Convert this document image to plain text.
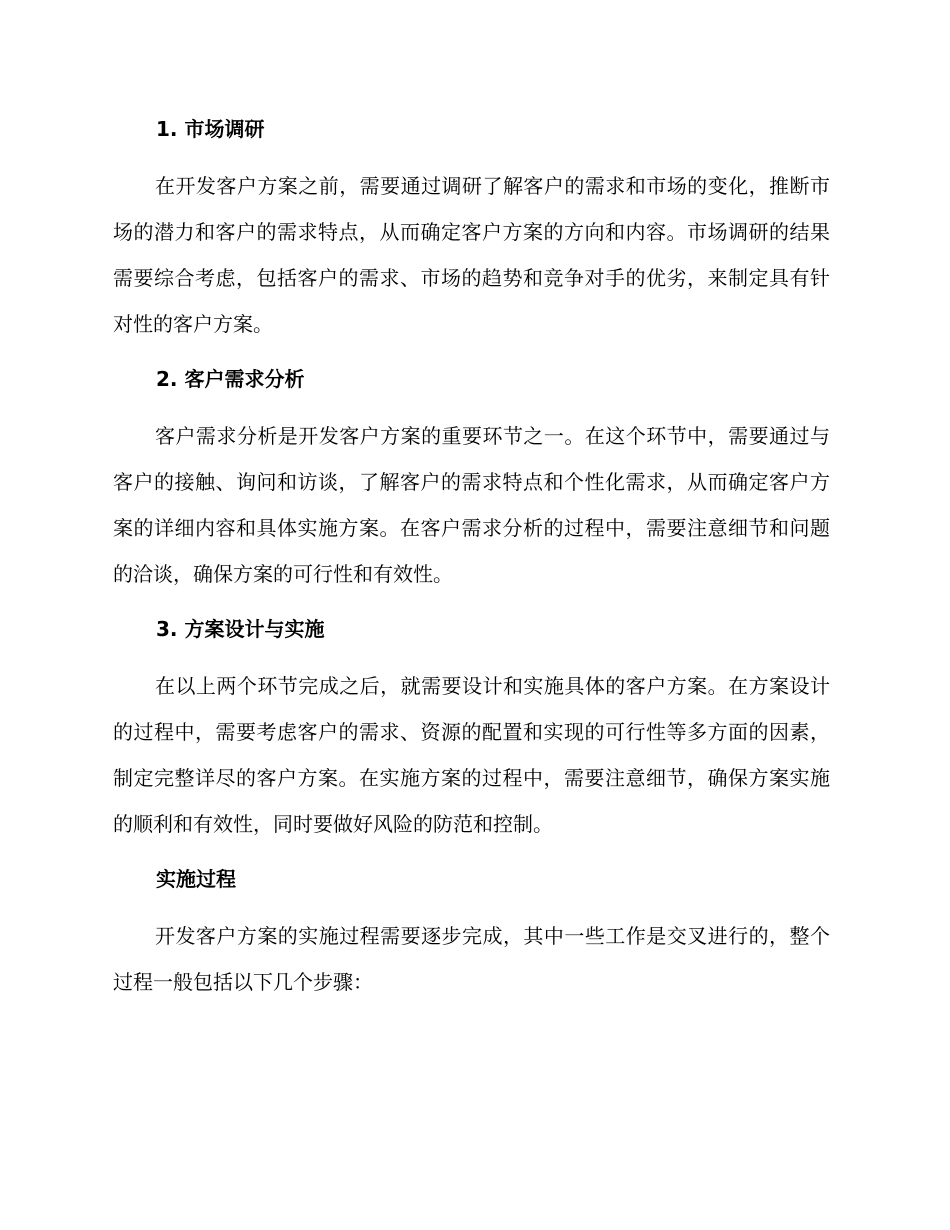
1. 市场调研

在开发客户方案之前，需要通过调研了解客户的需求和市场的变化，推断市场的潜力和客户的需求特点，从而确定客户方案的方向和内容。市场调研的结果需要综合考虑，包括客户的需求、市场的趋势和竞争对手的优劣，来制定具有针对性的客户方案。

2. 客户需求分析

客户需求分析是开发客户方案的重要环节之一。在这个环节中，需要通过与客户的接触、询问和访谈，了解客户的需求特点和个性化需求，从而确定客户方案的详细内容和具体实施方案。在客户需求分析的过程中，需要注意细节和问题的洽谈，确保方案的可行性和有效性。

3. 方案设计与实施

在以上两个环节完成之后，就需要设计和实施具体的客户方案。在方案设计的过程中，需要考虑客户的需求、资源的配置和实现的可行性等多方面的因素，制定完整详尽的客户方案。在实施方案的过程中，需要注意细节，确保方案实施的顺利和有效性，同时要做好风险的防范和控制。

实施过程

开发客户方案的实施过程需要逐步完成，其中一些工作是交叉进行的，整个过程一般包括以下几个步骤：
